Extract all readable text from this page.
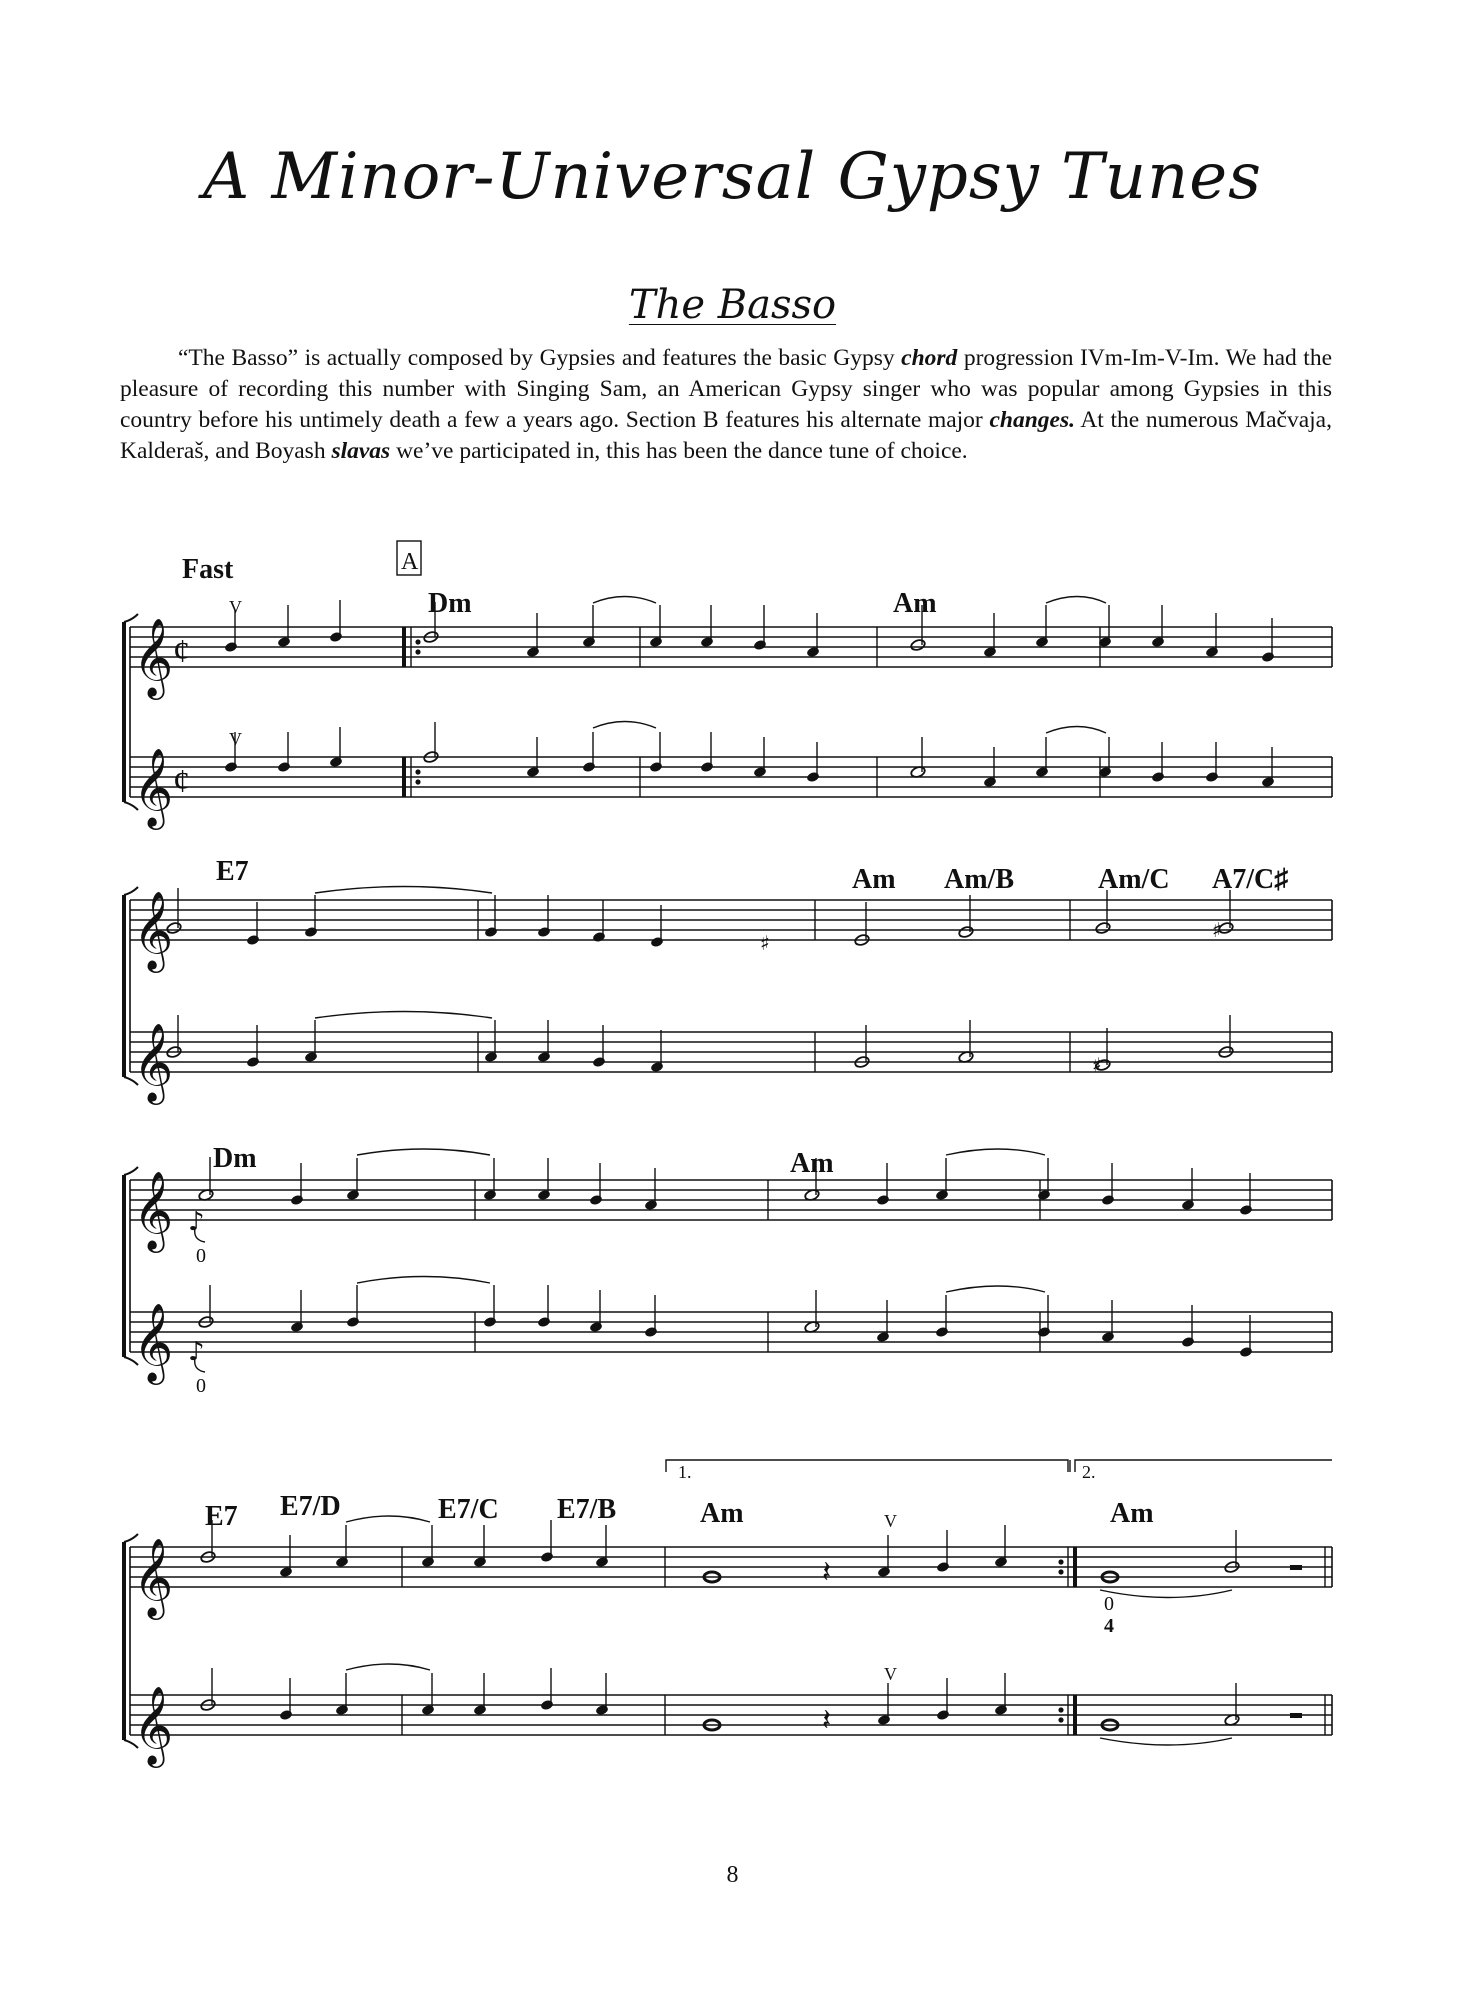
A Minor-Universal Gypsy Tunes
The Basso
“The Basso” is actually composed by Gypsies and features the basic Gypsy chord progression IVm-Im-V-Im. We had the pleasure of recording this number with Singing Sam, an American Gypsy singer who was popular among Gypsies in this country before his untimely death a few a years ago. Section B features his alternate major changes. At the numerous Mačvaja, Kalderaš, and Boyash slavas we’ve participated in, this has been the dance tune of choice.
♯
♯
♯
𝄽
𝄽
♪
♪
𝄞
𝄞
𝄞
𝄞
𝄞
𝄞
𝄞
𝄞
Fast	A
¢
¢
V
V
V
V
Dm	Am
E7	Am Am/B	Am/C A7/C♯
Dm	Am
E7 E7/D	E7/C E7/B	Am	Am
0
0
0
4
1.	2.
8
